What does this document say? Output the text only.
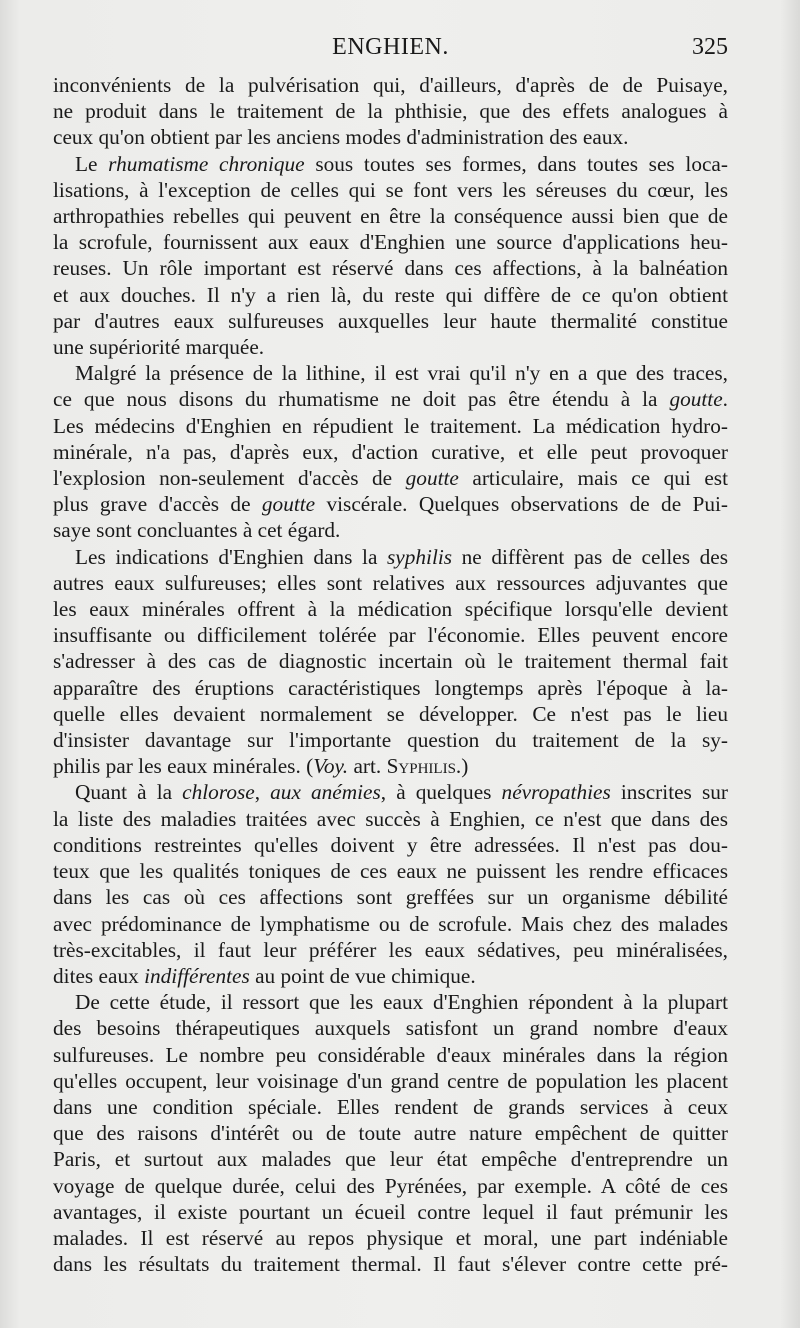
ENGHIEN.	325
inconvénients de la pulvérisation qui, d'ailleurs, d'après de de Puisaye,
ne produit dans le traitement de la phthisie, que des effets analogues à
ceux qu'on obtient par les anciens modes d'administration des eaux.
Le rhumatisme chronique sous toutes ses formes, dans toutes ses loca-
lisations, à l'exception de celles qui se font vers les séreuses du cœur, les
arthropathies rebelles qui peuvent en être la conséquence aussi bien que de
la scrofule, fournissent aux eaux d'Enghien une source d'applications heu-
reuses. Un rôle important est réservé dans ces affections, à la balnéation
et aux douches. Il n'y a rien là, du reste qui diffère de ce qu'on obtient
par d'autres eaux sulfureuses auxquelles leur haute thermalité constitue
une supériorité marquée.
Malgré la présence de la lithine, il est vrai qu'il n'y en a que des traces,
ce que nous disons du rhumatisme ne doit pas être étendu à la goutte.
Les médecins d'Enghien en répudient le traitement. La médication hydro-
minérale, n'a pas, d'après eux, d'action curative, et elle peut provoquer
l'explosion non-seulement d'accès de goutte articulaire, mais ce qui est
plus grave d'accès de goutte viscérale. Quelques observations de de Pui-
saye sont concluantes à cet égard.
Les indications d'Enghien dans la syphilis ne diffèrent pas de celles des
autres eaux sulfureuses; elles sont relatives aux ressources adjuvantes que
les eaux minérales offrent à la médication spécifique lorsqu'elle devient
insuffisante ou difficilement tolérée par l'économie. Elles peuvent encore
s'adresser à des cas de diagnostic incertain où le traitement thermal fait
apparaître des éruptions caractéristiques longtemps après l'époque à la-
quelle elles devaient normalement se développer. Ce n'est pas le lieu
d'insister davantage sur l'importante question du traitement de la sy-
philis par les eaux minérales. (Voy. art. Syphilis.)
Quant à la chlorose, aux anémies, à quelques névropathies inscrites sur
la liste des maladies traitées avec succès à Enghien, ce n'est que dans des
conditions restreintes qu'elles doivent y être adressées. Il n'est pas dou-
teux que les qualités toniques de ces eaux ne puissent les rendre efficaces
dans les cas où ces affections sont greffées sur un organisme débilité
avec prédominance de lymphatisme ou de scrofule. Mais chez des malades
très-excitables, il faut leur préférer les eaux sédatives, peu minéralisées,
dites eaux indifférentes au point de vue chimique.
De cette étude, il ressort que les eaux d'Enghien répondent à la plupart
des besoins thérapeutiques auxquels satisfont un grand nombre d'eaux
sulfureuses. Le nombre peu considérable d'eaux minérales dans la région
qu'elles occupent, leur voisinage d'un grand centre de population les placent
dans une condition spéciale. Elles rendent de grands services à ceux
que des raisons d'intérêt ou de toute autre nature empêchent de quitter
Paris, et surtout aux malades que leur état empêche d'entreprendre un
voyage de quelque durée, celui des Pyrénées, par exemple. A côté de ces
avantages, il existe pourtant un écueil contre lequel il faut prémunir les
malades. Il est réservé au repos physique et moral, une part indéniable
dans les résultats du traitement thermal. Il faut s'élever contre cette pré-
